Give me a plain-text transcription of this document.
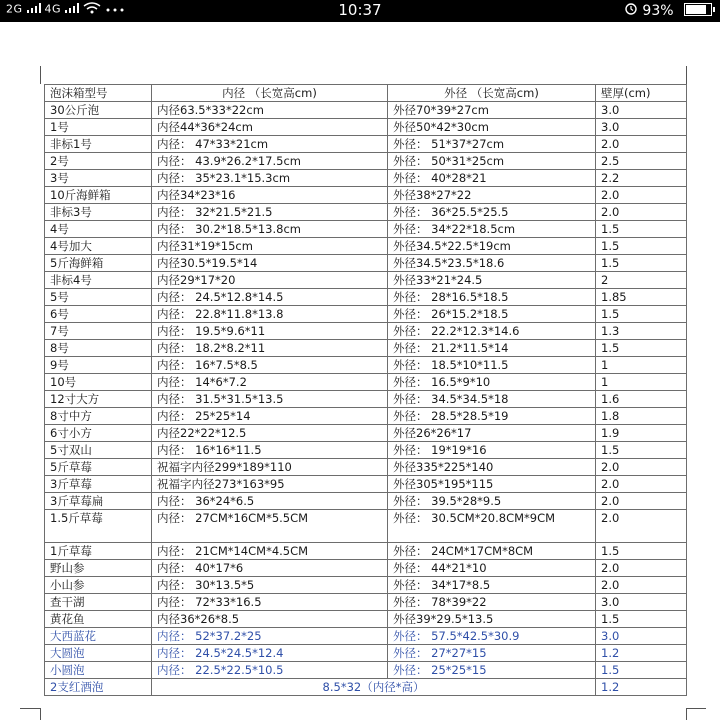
2G 4G	10:37	93%
泡沫箱型号	内径 （长宽高cm)	外径 （长宽高cm)	壁厚(cm)
30公斤泡	内径63.5*33*22cm	外径70*39*27cm	3.0
1号	内径44*36*24cm	外径50*42*30cm	3.0
非标1号	内径： 47*33*21cm	外径： 51*37*27cm	2.0
2号	内径： 43.9*26.2*17.5cm	外径： 50*31*25cm	2.5
3号	内径： 35*23.1*15.3cm	外径： 40*28*21	2.2
10斤海鲜箱	内径34*23*16	外径38*27*22	2.0
非标3号	内径： 32*21.5*21.5	外径： 36*25.5*25.5	2.0
4号	内径： 30.2*18.5*13.8cm	外径： 34*22*18.5cm	1.5
4号加大	内径31*19*15cm	外径34.5*22.5*19cm	1.5
5斤海鲜箱	内径30.5*19.5*14	外径34.5*23.5*18.6	1.5
非标4号	内径29*17*20	外径33*21*24.5	2
5号	内径： 24.5*12.8*14.5	外径： 28*16.5*18.5	1.85
6号	内径： 22.8*11.8*13.8	外径： 26*15.2*18.5	1.5
7号	内径： 19.5*9.6*11	外径： 22.2*12.3*14.6	1.3
8号	内径： 18.2*8.2*11	外径： 21.2*11.5*14	1.5
9号	内径： 16*7.5*8.5	外径： 18.5*10*11.5	1
10号	内径： 14*6*7.2	外径： 16.5*9*10	1
12寸大方	内径： 31.5*31.5*13.5	外径： 34.5*34.5*18	1.6
8寸中方	内径： 25*25*14	外径： 28.5*28.5*19	1.8
6寸小方	内径22*22*12.5	外径26*26*17	1.9
5寸双山	内径： 16*16*11.5	外径： 19*19*16	1.5
5斤草莓	祝福字内径299*189*110	外径335*225*140	2.0
3斤草莓	祝福字内径273*163*95	外径305*195*115	2.0
3斤草莓扁	内径： 36*24*6.5	外径： 39.5*28*9.5	2.0
1.5斤草莓	内径： 27CM*16CM*5.5CM	外径： 30.5CM*20.8CM*9CM	2.0
1斤草莓	内径： 21CM*14CM*4.5CM	外径： 24CM*17CM*8CM	1.5
野山参	内径： 40*17*6	外径： 44*21*10	2.0
小山参	内径： 30*13.5*5	外径： 34*17*8.5	2.0
查干湖	内径： 72*33*16.5	外径： 78*39*22	3.0
黄花鱼	内径36*26*8.5	外径39*29.5*13.5	1.5
大西蓝花	内径： 52*37.2*25	外径： 57.5*42.5*30.9	3.0
大圆泡	内径： 24.5*24.5*12.4	外径： 27*27*15	1.2
小圆泡	内径： 22.5*22.5*10.5	外径： 25*25*15	1.5
2支红酒泡	8.5*32（内径*高）		1.2
